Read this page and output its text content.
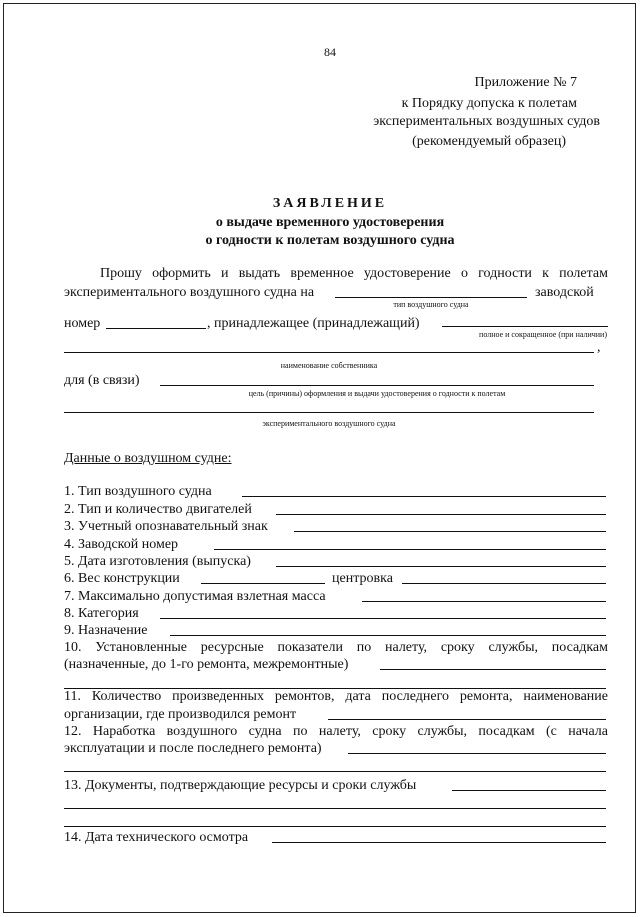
84
Приложение № 7
к Порядку допуска к полетам
экспериментальных воздушных судов
(рекомендуемый образец)
ЗАЯВЛЕНИЕ
о выдаче временного удостоверения
о годности к полетам воздушного судна
Прошу оформить и выдать временное удостоверение о годности к полетам
экспериментального воздушного судна на	заводской
тип воздушного судна
номер	, принадлежащее (принадлежащий)
полное и сокращенное (при наличии)
,
наименование собственника
для (в связи)
цель (причины) оформления и выдачи удостоверения о годности к полетам
экспериментального воздушного судна
Данные о воздушном судне:
1. Тип воздушного судна
2. Тип и количество двигателей
3. Учетный опознавательный знак
4. Заводской номер
5. Дата изготовления (выпуска)
6. Вес конструкции	центровка
7. Максимально допустимая взлетная масса
8. Категория
9. Назначение
10. Установленные ресурсные показатели по налету, сроку службы, посадкам
(назначенные, до 1-го ремонта, межремонтные)
11. Количество произведенных ремонтов, дата последнего ремонта, наименование
организации, где производился ремонт
12. Наработка воздушного судна по налету, сроку службы, посадкам (с начала
эксплуатации и после последнего ремонта)
13. Документы, подтверждающие ресурсы и сроки службы
14. Дата технического осмотра
